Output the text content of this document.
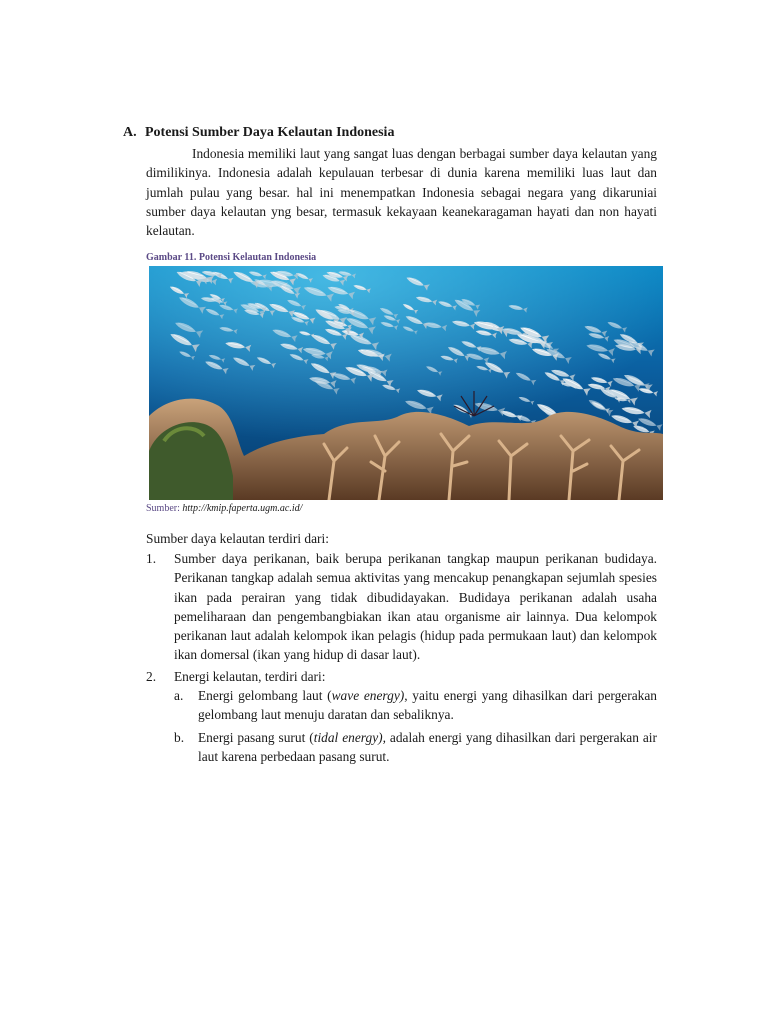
A. Potensi Sumber Daya Kelautan Indonesia

Indonesia memiliki laut yang sangat luas dengan berbagai sumber daya kelautan yang dimilikinya. Indonesia adalah kepulauan terbesar di dunia karena memiliki luas laut dan jumlah pulau yang besar. hal ini menempatkan Indonesia sebagai negara yang dikaruniai sumber daya kelautan yng besar, termasuk kekayaan keanekaragaman hayati dan non hayati kelautan.

Gambar 11. Potensi Kelautan Indonesia
Sumber: http://kmip.faperta.ugm.ac.id/
Sumber daya kelautan terdiri dari:
1. Sumber daya perikanan, baik berupa perikanan tangkap maupun perikanan budidaya. Perikanan tangkap adalah semua aktivitas yang mencakup penangkapan sejumlah spesies ikan pada perairan yang tidak dibudidayakan. Budidaya perikanan adalah usaha pemeliharaan dan pengembangbiakan ikan atau organisme air lainnya. Dua kelompok perikanan laut adalah kelompok ikan pelagis (hidup pada permukaan laut) dan kelompok ikan domersal (ikan yang hidup di dasar laut).
2. Energi kelautan, terdiri dari:
a. Energi gelombang laut (wave energy), yaitu energi yang dihasilkan dari pergerakan gelombang laut menuju daratan dan sebaliknya.
b. Energi pasang surut (tidal energy), adalah energi yang dihasilkan dari pergerakan air laut karena perbedaan pasang surut.
